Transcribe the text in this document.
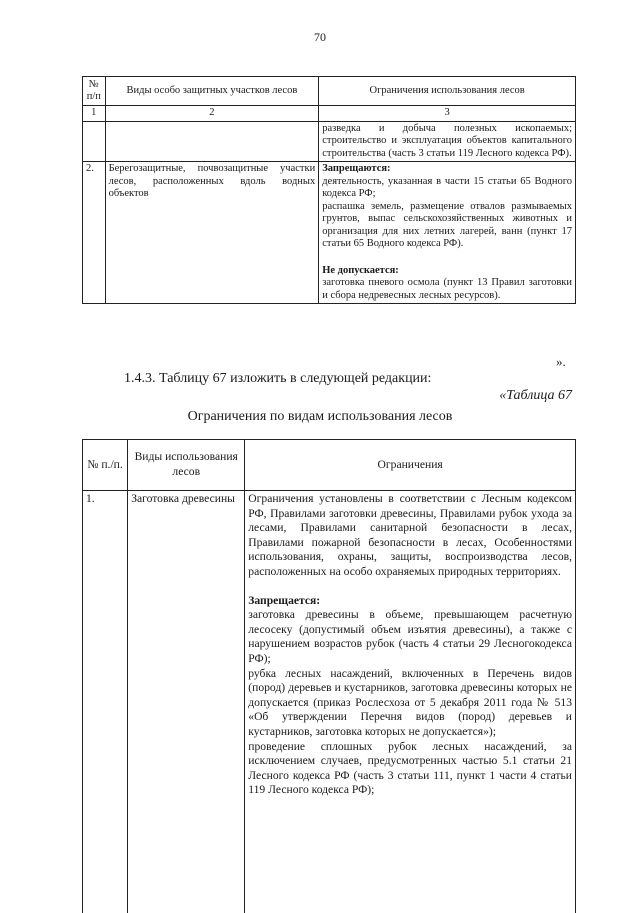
70
№ п/п	Виды особо защитных участков лесов	Ограничения использования лесов
1	2	3
		разведка и добыча полезных ископаемых; строительство и эксплуатация объектов капитального строительства (часть 3 статьи 119 Лесного кодекса РФ).
2.	Берегозащитные, почвозащитные участки лесов, расположенных вдоль водных объектов	Запрещаются:
деятельность, указанная в части 15 статьи 65 Водного кодекса РФ;
распашка земель, размещение отвалов размываемых грунтов, выпас сельскохозяйственных животных и организация для них летних лагерей, ванн (пункт 17 статьи 65 Водного кодекса РФ).
Не допускается:
заготовка пневого осмола (пункт 13 Правил заготовки и сбора недревесных лесных ресурсов).
».
1.4.3. Таблицу 67 изложить в следующей редакции:
«Таблица 67
Ограничения по видам использования лесов
№ п./п.	Виды использования лесов	Ограничения
1.	Заготовка древесины	Ограничения установлены в соответствии с Лесным кодексом РФ, Правилами заготовки древесины, Правилами рубок ухода за лесами, Правилами санитарной безопасности в лесах, Правилами пожарной безопасности в лесах, Особенностями использования, охраны, защиты, воспроизводства лесов, расположенных на особо охраняемых природных территориях.
Запрещается:
заготовка древесины в объеме, превышающем расчетную лесосеку (допустимый объем изъятия древесины), а также с нарушением возрастов рубок (часть 4 статьи 29 Лесногокодекса РФ);
рубка лесных насаждений, включенных в Перечень видов (пород) деревьев и кустарников, заготовка древесины которых не допускается (приказ Рослесхоза от 5 декабря 2011 года № 513 «Об утверждении Перечня видов (пород) деревьев и кустарников, заготовка которых не допускается»);
проведение сплошных рубок лесных насаждений, за исключением случаев, предусмотренных частью 5.1 статьи 21 Лесного кодекса РФ (часть 3 статьи 111, пункт 1 части 4 статьи 119 Лесного кодекса РФ);
